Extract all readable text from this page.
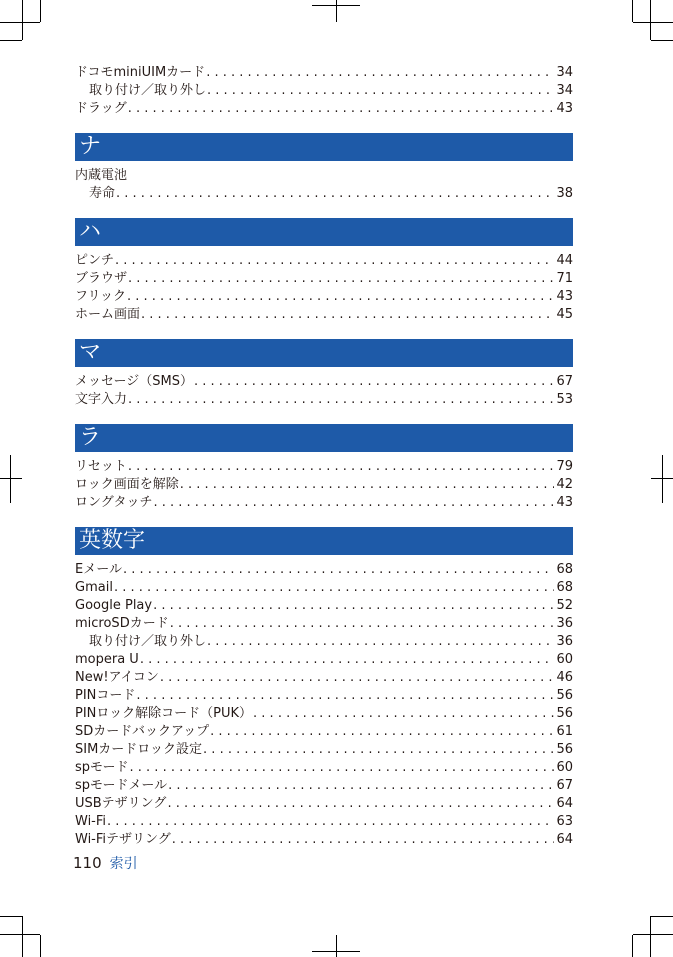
ドコモminiUIMカード . . .	34
取り付け／取り外し . . .	34
ドラッグ . . .	43
ナ
内蔵電池
寿命 . . .	38
ハ
ピンチ . . .	44
ブラウザ . . .	71
フリック . . .	43
ホーム画面 . . .	45
マ
メッセージ（SMS） . . .	67
文字入力 . . .	53
ラ
リセット . . .	79
ロック画面を解除 . . .	42
ロングタッチ . . .	43
英数字
Eメール . . .	68
Gmail . . .	68
Google Play . . .	52
microSDカード . . .	36
取り付け／取り外し . . .	36
mopera U . . .	60
New!アイコン . . .	46
PINコード . . .	56
PINロック解除コード（PUK） . . .	56
SDカードバックアップ . . .	61
SIMカードロック設定 . . .	56
spモード . . .	60
spモードメール . . .	67
USBテザリング . . .	64
Wi-Fi . . .	63
Wi-Fiテザリング . . .	64
110 索引
